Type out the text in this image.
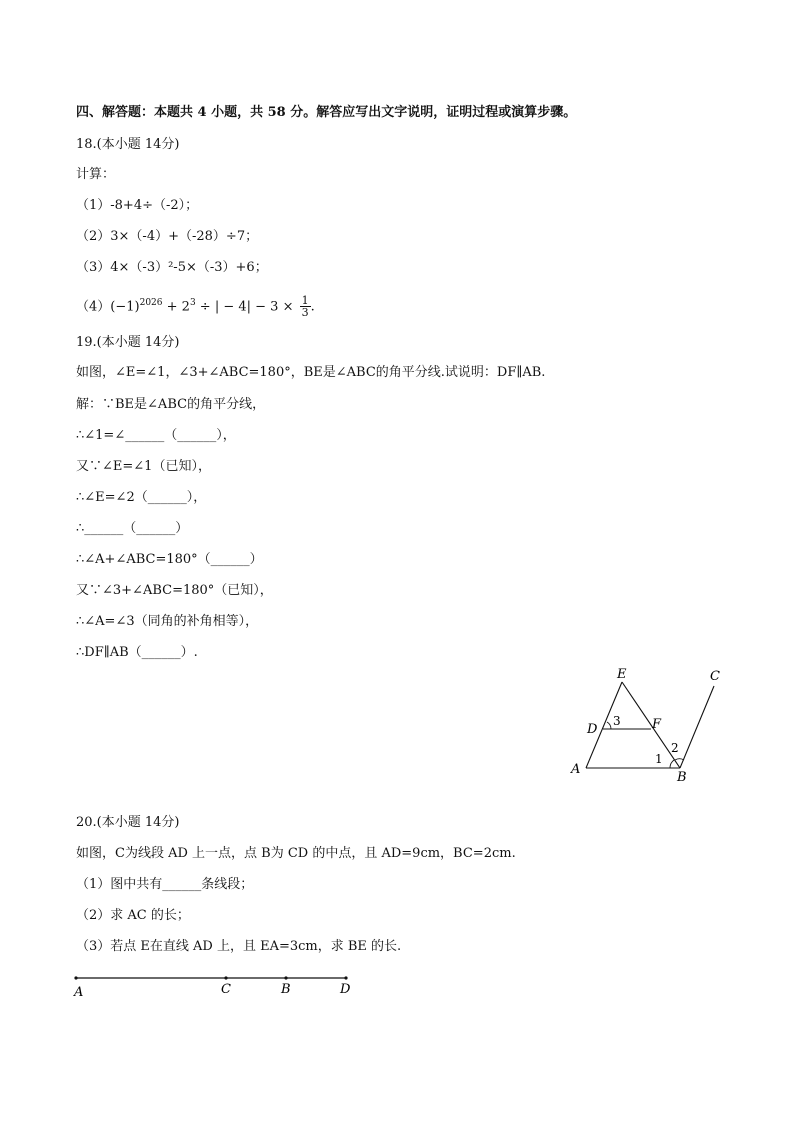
四、解答题：本题共 4 小题，共 58 分。解答应写出文字说明，证明过程或演算步骤。
18.(本小题 14分)
计算：
（1）-8+4÷（-2）；
（2）3×（-4）+（-28）÷7；
（3）4×（-3）²-5×（-3）+6；
$(4)(-1)^{2026} + 2^3$ ÷ | − $4| - 3 \times \frac{1}{3}$ .
19.(本小题 14分)
如图，∠E=∠1，∠3+∠ABC=180°，BE是∠ABC的角平分线.试说明：DF∥AB.
解：∵BE是∠ABC的角平分线，
∴∠1=∠______（______），
又∵∠E=∠1（已知），
∴∠E=∠2（______），
∴______（______）
∴∠A+∠ABC=180°（______）
又∵∠3+∠ABC=180°（已知），
∴∠A=∠3（同角的补角相等），
∴DF∥AB（______）.
E	C
D	F
A
B
1
2
3
20.(本小题 14分)
如图，C为线段 AD 上一点，点 B为 CD 的中点，且 AD=9cm，BC=2cm.
（1）图中共有______条线段；
（2）求 AC 的长；
（3）若点 E在直线 AD 上，且 EA=3cm，求 BE 的长.
A	C	B	D
